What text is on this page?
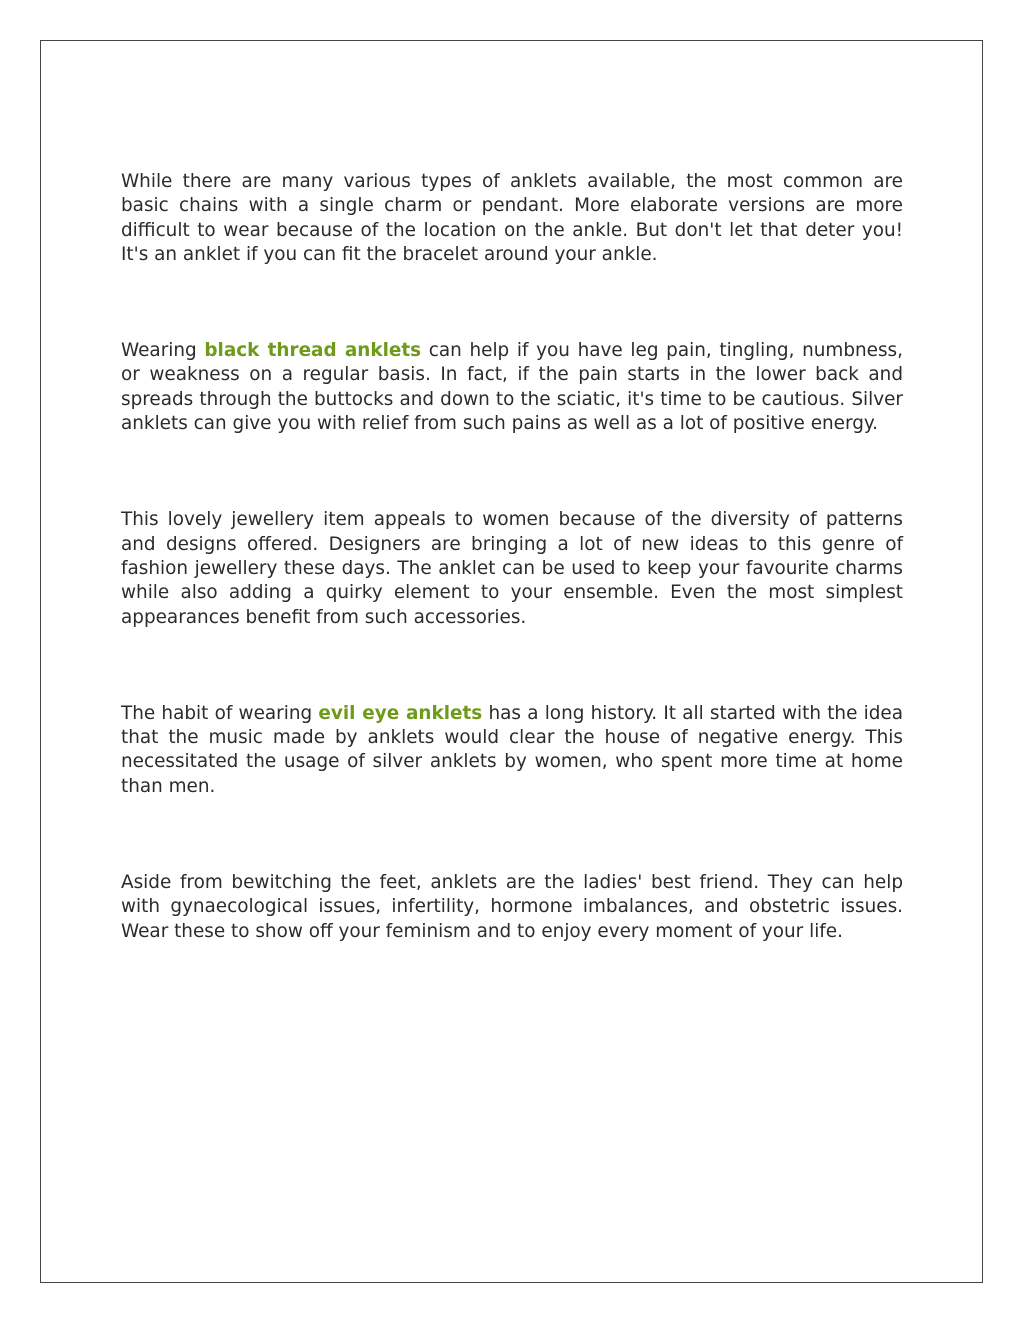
While there are many various types of anklets available, the most common are basic chains with a single charm or pendant. More elaborate versions are more difficult to wear because of the location on the ankle. But don't let that deter you! It's an anklet if you can fit the bracelet around your ankle.

Wearing black thread anklets can help if you have leg pain, tingling, numbness, or weakness on a regular basis. In fact, if the pain starts in the lower back and spreads through the buttocks and down to the sciatic, it's time to be cautious. Silver anklets can give you with relief from such pains as well as a lot of positive energy.

This lovely jewellery item appeals to women because of the diversity of patterns and designs offered. Designers are bringing a lot of new ideas to this genre of fashion jewellery these days. The anklet can be used to keep your favourite charms while also adding a quirky element to your ensemble. Even the most simplest appearances benefit from such accessories.

The habit of wearing evil eye anklets has a long history. It all started with the idea that the music made by anklets would clear the house of negative energy. This necessitated the usage of silver anklets by women, who spent more time at home than men.

Aside from bewitching the feet, anklets are the ladies' best friend. They can help with gynaecological issues, infertility, hormone imbalances, and obstetric issues. Wear these to show off your feminism and to enjoy every moment of your life.
